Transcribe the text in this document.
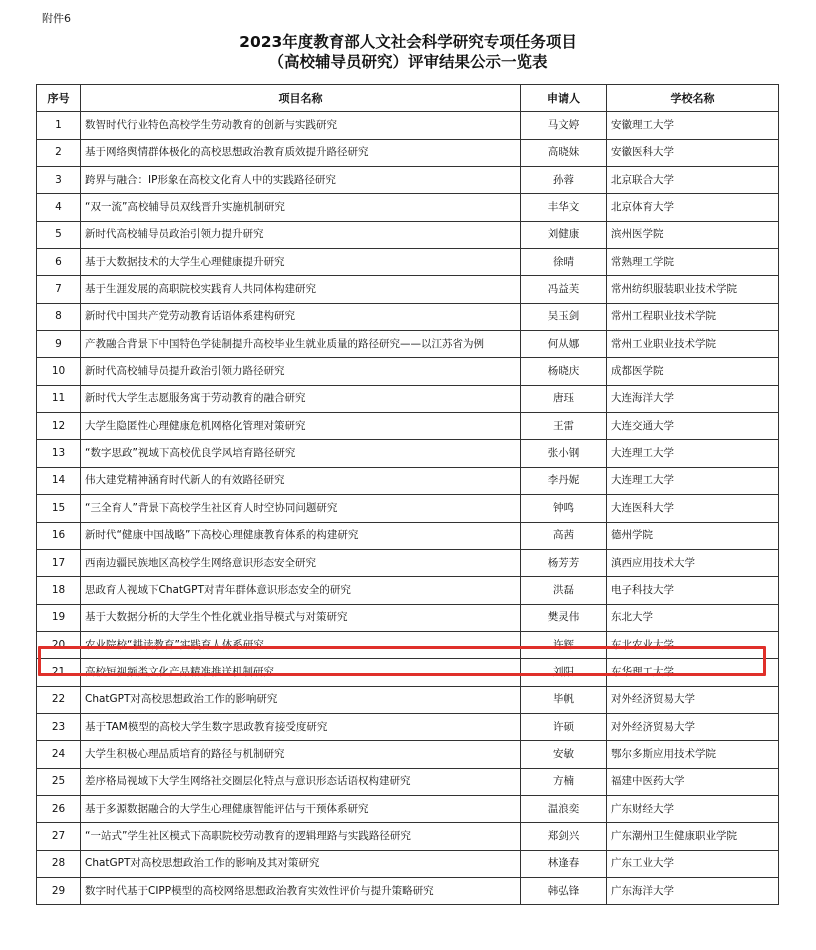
附件6
2023年度教育部人文社会科学研究专项任务项目
（高校辅导员研究）评审结果公示一览表
序号	项目名称	申请人	学校名称
1	数智时代行业特色高校学生劳动教育的创新与实践研究	马文婷	安徽理工大学
2	基于网络舆情群体极化的高校思想政治教育质效提升路径研究	高晓妹	安徽医科大学
3	跨界与融合：IP形象在高校文化育人中的实践路径研究	孙蓉	北京联合大学
4	“双一流”高校辅导员双线晋升实施机制研究	丰华文	北京体育大学
5	新时代高校辅导员政治引领力提升研究	刘健康	滨州医学院
6	基于大数据技术的大学生心理健康提升研究	徐晴	常熟理工学院
7	基于生涯发展的高职院校实践育人共同体构建研究	冯益芙	常州纺织服装职业技术学院
8	新时代中国共产党劳动教育话语体系建构研究	吴玉剑	常州工程职业技术学院
9	产教融合背景下中国特色学徒制提升高校毕业生就业质量的路径研究——以江苏省为例	何从娜	常州工业职业技术学院
10	新时代高校辅导员提升政治引领力路径研究	杨晓庆	成都医学院
11	新时代大学生志愿服务寓于劳动教育的融合研究	唐珏	大连海洋大学
12	大学生隐匿性心理健康危机网格化管理对策研究	王雷	大连交通大学
13	“数字思政”视域下高校优良学风培育路径研究	张小钢	大连理工大学
14	伟大建党精神涵育时代新人的有效路径研究	李丹妮	大连理工大学
15	“三全育人”背景下高校学生社区育人时空协同问题研究	钟鸣	大连医科大学
16	新时代“健康中国战略”下高校心理健康教育体系的构建研究	高茜	德州学院
17	西南边疆民族地区高校学生网络意识形态安全研究	杨芳芳	滇西应用技术大学
18	思政育人视域下ChatGPT对青年群体意识形态安全的研究	洪磊	电子科技大学
19	基于大数据分析的大学生个性化就业指导模式与对策研究	樊灵伟	东北大学
20	农业院校“耕读教育”实践育人体系研究	许辉	东北农业大学
21	高校短视频类文化产品精准推送机制研究	刘阳	东华理工大学
22	ChatGPT对高校思想政治工作的影响研究	毕帆	对外经济贸易大学
23	基于TAM模型的高校大学生数字思政教育接受度研究	许硕	对外经济贸易大学
24	大学生积极心理品质培育的路径与机制研究	安敏	鄂尔多斯应用技术学院
25	差序格局视域下大学生网络社交圈层化特点与意识形态话语权构建研究	方楠	福建中医药大学
26	基于多源数据融合的大学生心理健康智能评估与干预体系研究	温浪奕	广东财经大学
27	“一站式”学生社区模式下高职院校劳动教育的逻辑理路与实践路径研究	郑剑兴	广东潮州卫生健康职业学院
28	ChatGPT对高校思想政治工作的影响及其对策研究	林逢春	广东工业大学
29	数字时代基于CIPP模型的高校网络思想政治教育实效性评价与提升策略研究	韩弘锋	广东海洋大学
